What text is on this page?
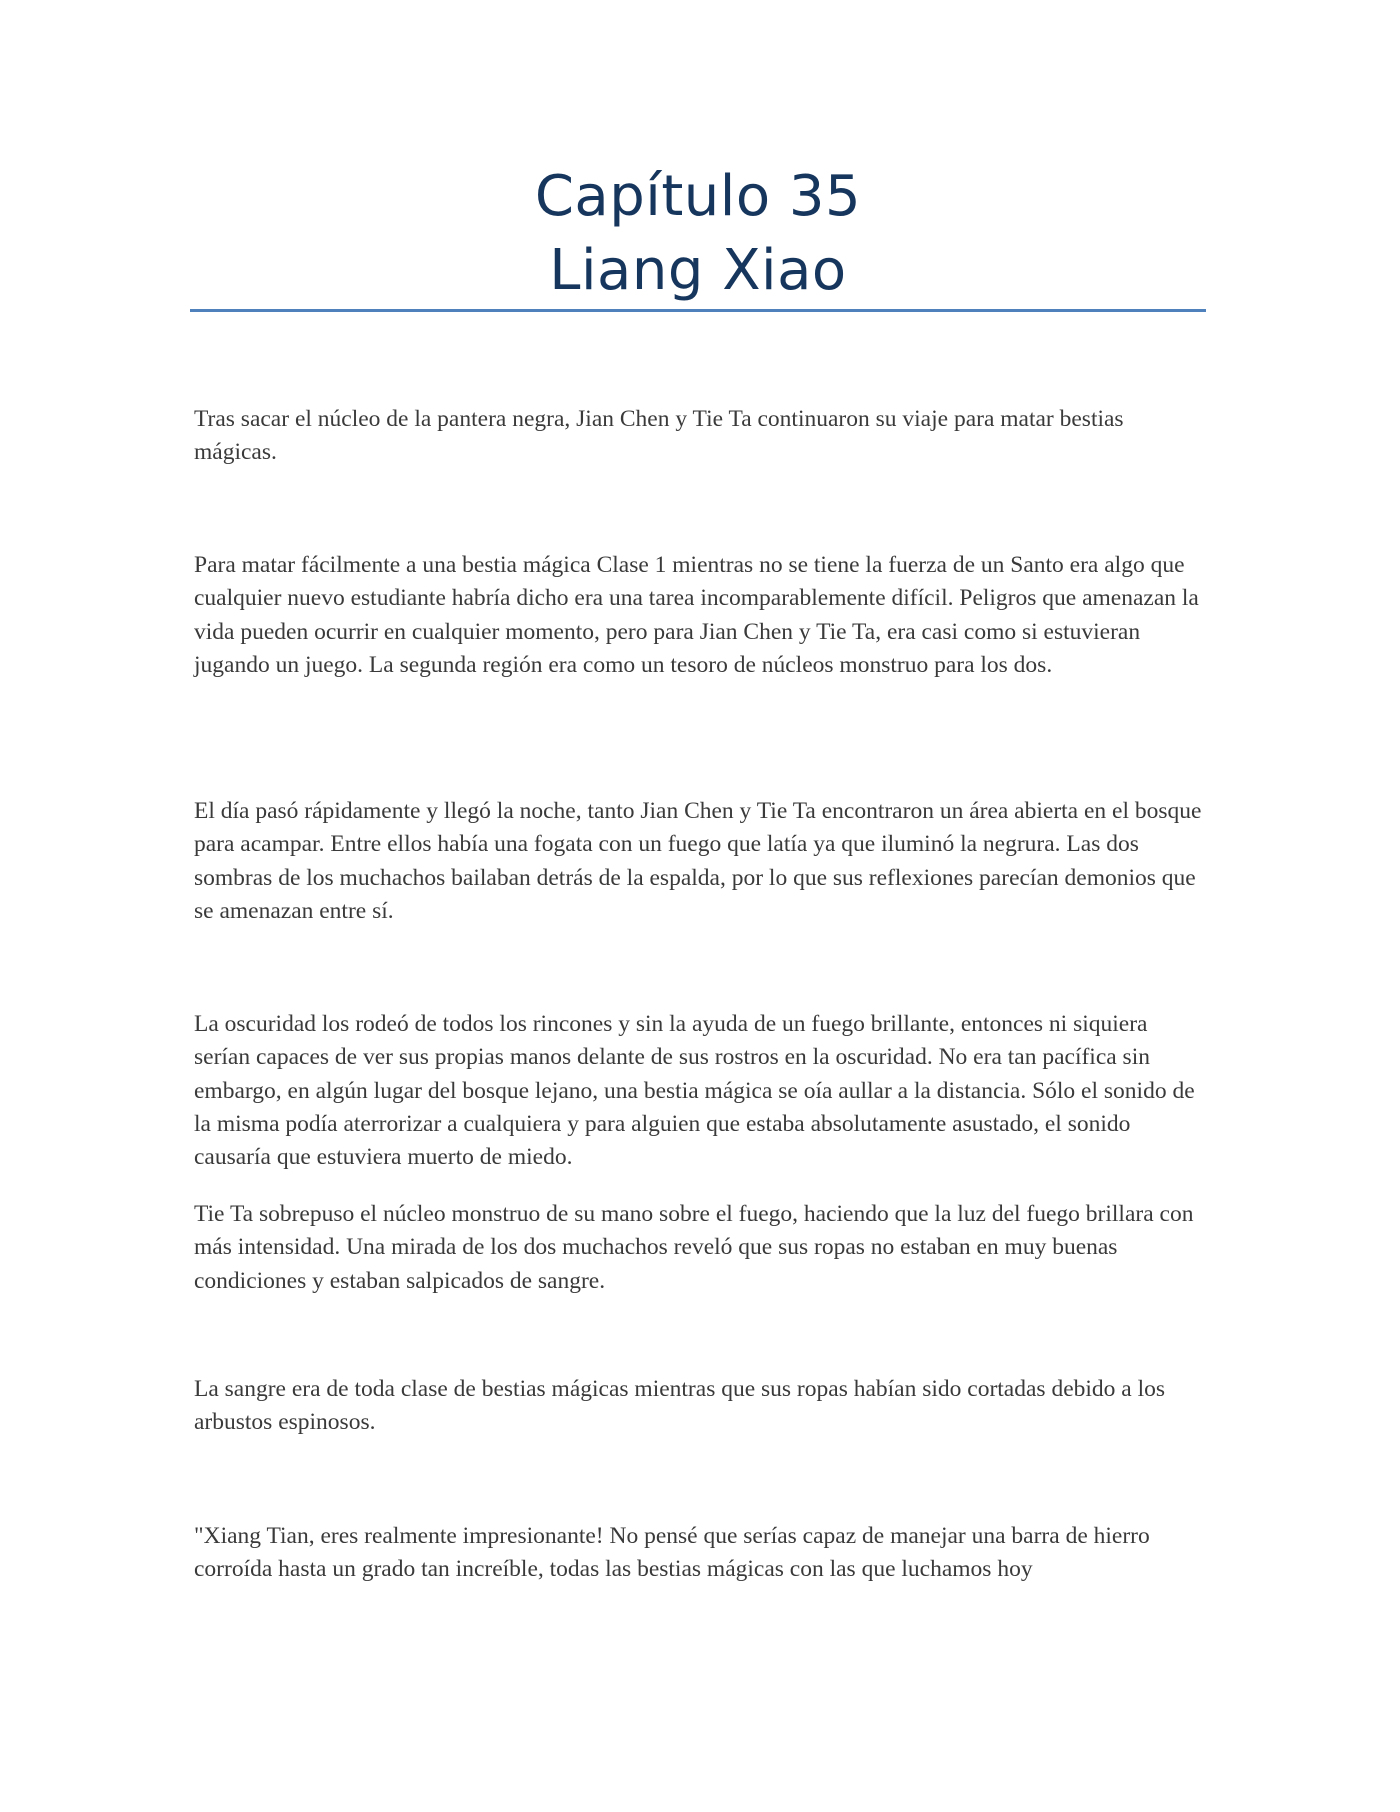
Capítulo 35
Liang Xiao

Tras sacar el núcleo de la pantera negra, Jian Chen y Tie Ta continuaron su viaje para matar bestias mágicas.

Para matar fácilmente a una bestia mágica Clase 1 mientras no se tiene la fuerza de un Santo era algo que cualquier nuevo estudiante habría dicho era una tarea incomparablemente difícil. Peligros que amenazan la vida pueden ocurrir en cualquier momento, pero para Jian Chen y Tie Ta, era casi como si estuvieran jugando un juego. La segunda región era como un tesoro de núcleos monstruo para los dos.

El día pasó rápidamente y llegó la noche, tanto Jian Chen y Tie Ta encontraron un área abierta en el bosque para acampar. Entre ellos había una fogata con un fuego que latía ya que iluminó la negrura. Las dos sombras de los muchachos bailaban detrás de la espalda, por lo que sus reflexiones parecían demonios que se amenazan entre sí.

La oscuridad los rodeó de todos los rincones y sin la ayuda de un fuego brillante, entonces ni siquiera serían capaces de ver sus propias manos delante de sus rostros en la oscuridad. No era tan pacífica sin embargo, en algún lugar del bosque lejano, una bestia mágica se oía aullar a la distancia. Sólo el sonido de la misma podía aterrorizar a cualquiera y para alguien que estaba absolutamente asustado, el sonido causaría que estuviera muerto de miedo.

Tie Ta sobrepuso el núcleo monstruo de su mano sobre el fuego, haciendo que la luz del fuego brillara con más intensidad. Una mirada de los dos muchachos reveló que sus ropas no estaban en muy buenas condiciones y estaban salpicados de sangre.

La sangre era de toda clase de bestias mágicas mientras que sus ropas habían sido cortadas debido a los arbustos espinosos.

"Xiang Tian, eres realmente impresionante! No pensé que serías capaz de manejar una barra de hierro corroída hasta un grado tan increíble, todas las bestias mágicas con las que luchamos hoy
